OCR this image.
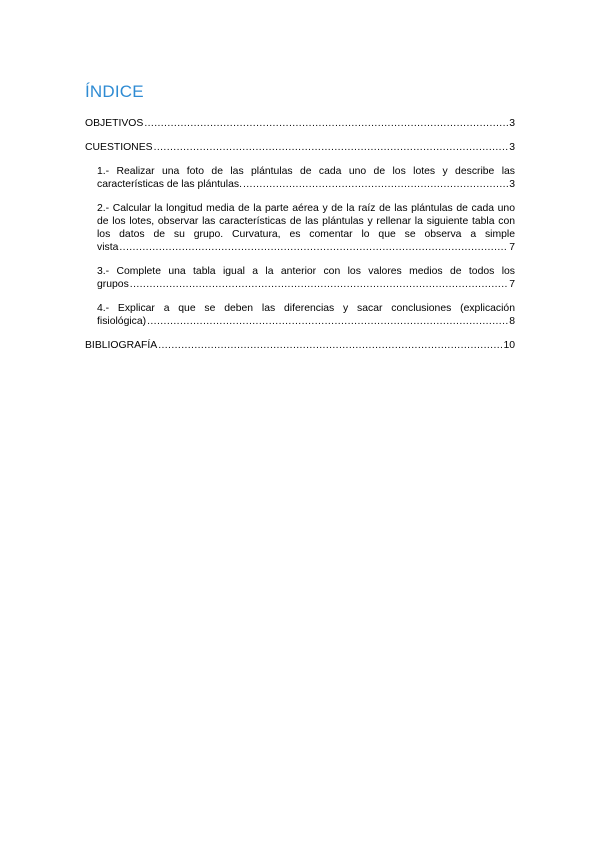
ÍNDICE
OBJETIVOS .....	3
CUESTIONES .....	3
1.- Realizar una foto de las plántulas de cada uno de los lotes y describe las
características de las plántulas. .....	3
2.- Calcular la longitud media de la parte aérea y de la raíz de las plántulas de cada uno de los lotes, observar las características de las plántulas y rellenar la siguiente tabla con los datos de su grupo. Curvatura, es comentar lo que se observa a simple
vista .....	7
3.- Complete una tabla igual a la anterior con los valores medios de todos los
grupos .....	7
4.- Explicar a que se deben las diferencias y sacar conclusiones (explicación
fisiológica) .....	8
BIBLIOGRAFÍA .....	10
